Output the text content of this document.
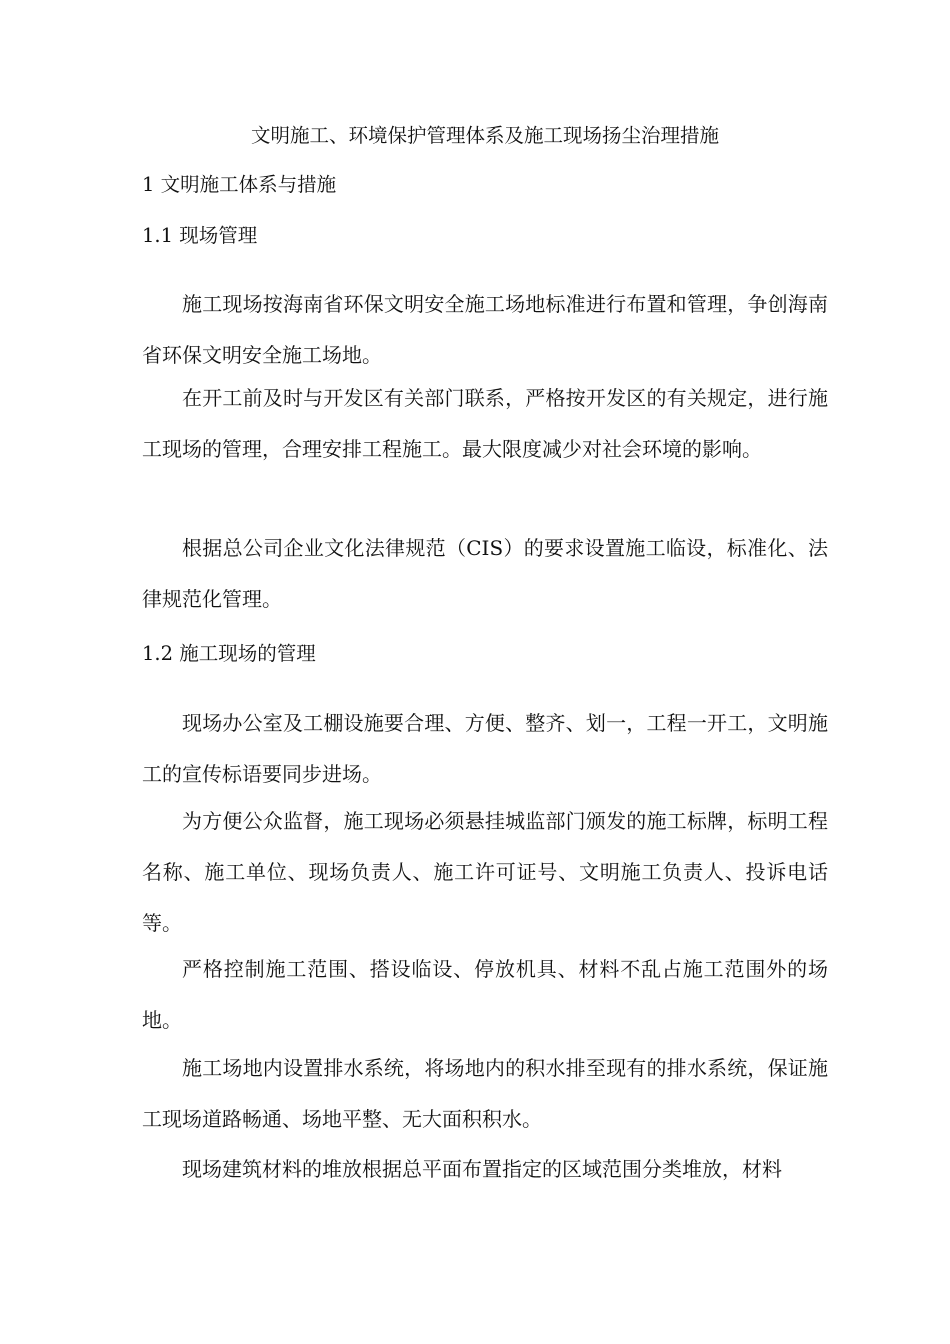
文明施工、环境保护管理体系及施工现场扬尘治理措施
1 文明施工体系与措施
1.1 现场管理

施工现场按海南省环保文明安全施工场地标准进行布置和管理，争创海南省环保文明安全施工场地。

在开工前及时与开发区有关部门联系，严格按开发区的有关规定，进行施工现场的管理，合理安排工程施工。最大限度减少对社会环境的影响。

根据总公司企业文化法律规范（CIS）的要求设置施工临设，标准化、法律规范化管理。

1.2 施工现场的管理

现场办公室及工棚设施要合理、方便、整齐、划一，工程一开工，文明施工的宣传标语要同步进场。

为方便公众监督，施工现场必须悬挂城监部门颁发的施工标牌，标明工程名称、施工单位、现场负责人、施工许可证号、文明施工负责人、投诉电话等。

严格控制施工范围、搭设临设、停放机具、材料不乱占施工范围外的场地。

施工场地内设置排水系统，将场地内的积水排至现有的排水系统，保证施工现场道路畅通、场地平整、无大面积积水。

现场建筑材料的堆放根据总平面布置指定的区域范围分类堆放，材料
